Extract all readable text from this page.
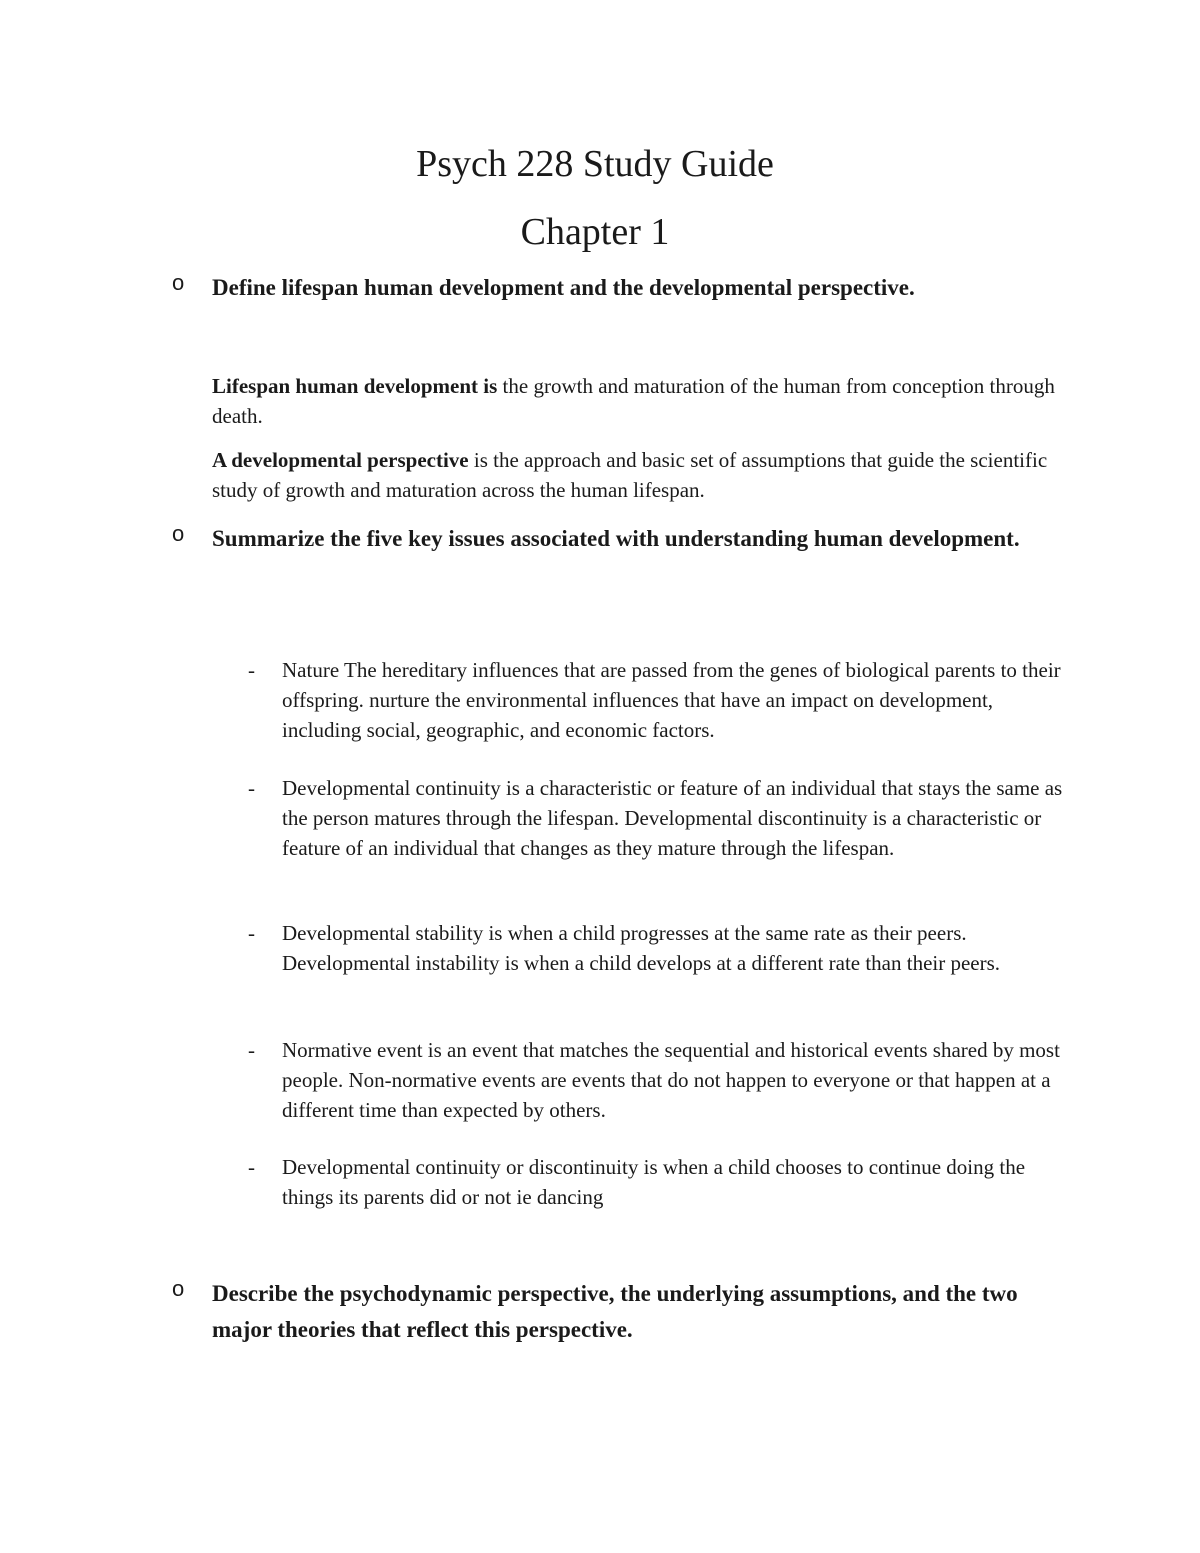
Psych 228 Study Guide
Chapter 1
o Define lifespan human development and the developmental perspective.

Lifespan human development is the growth and maturation of the human from conception through death.

A developmental perspective is the approach and basic set of assumptions that guide the scientific study of growth and maturation across the human lifespan.

o Summarize the five key issues associated with understanding human development.

- Nature The hereditary influences that are passed from the genes of biological parents to their offspring. nurture the environmental influences that have an impact on development, including social, geographic, and economic factors.

- Developmental continuity is a characteristic or feature of an individual that stays the same as the person matures through the lifespan. Developmental discontinuity is a characteristic or feature of an individual that changes as they mature through the lifespan.

- Developmental stability is when a child progresses at the same rate as their peers. Developmental instability is when a child develops at a different rate than their peers.

- Normative event is an event that matches the sequential and historical events shared by most people. Non-normative events are events that do not happen to everyone or that happen at a different time than expected by others.

- Developmental continuity or discontinuity is when a child chooses to continue doing the things its parents did or not ie dancing

o Describe the psychodynamic perspective, the underlying assumptions, and the two major theories that reflect this perspective.
